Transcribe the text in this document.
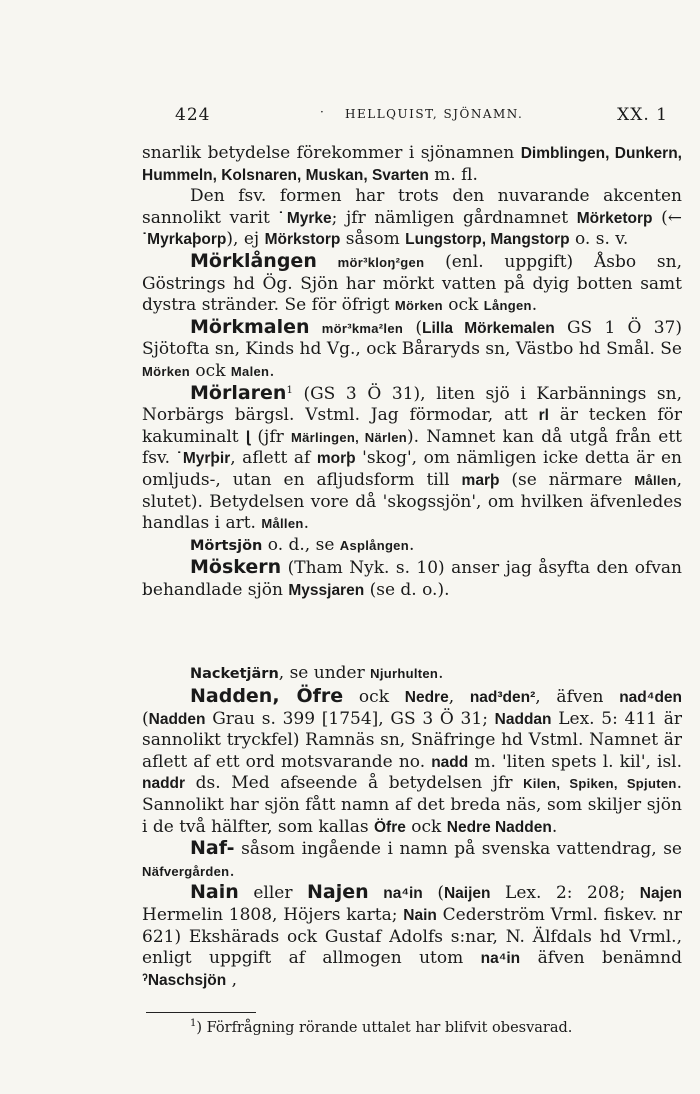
424	· HELLQUIST, SJÖNAMN.	XX. 1

snarlik betydelse förekommer i sjönamnen Dimblingen, Dunkern, Hummeln, Kolsnaren, Muskan, Svarten m. fl.

Den fsv. formen har trots den nuvarande akcenten sannolikt varit ˙Myrke; jfr nämligen gårdnamnet Mörketorp (← ˙Myrkaþorp), ej Mörkstorp såsom Lungstorp, Mangstorp o. s. v.

Mörklången mör³kloŋ²gen (enl. uppgift) Åsbo sn, Göstrings hd Ög. Sjön har mörkt vatten på dyig botten samt dystra stränder. Se för öfrigt Mörken ock Lången.

Mörkmalen mör³kma²len (Lilla Mörkemalen GS 1 Ö 37) Sjötofta sn, Kinds hd Vg., ock Båraryds sn, Västbo hd Smål. Se Mörken ock Malen.

Mörlaren$^1$ (GS 3 Ö 31), liten sjö i Karbännings sn, Norbärgs bärgsl. Vstml. Jag förmodar, att rl är tecken för kakuminalt ɭ (jfr Märlingen, Närlen). Namnet kan då utgå från ett fsv. ˙Myrþir, aflett af morþ 'skog', om nämligen icke detta är en omljuds-, utan en afljudsform till marþ (se närmare Mållen, slutet). Betydelsen vore då 'skogssjön', om hvilken äfvenledes handlas i art. Mållen.

Mörtsjön o. d., se Asplången.

Möskern (Tham Nyk. s. 10) anser jag åsyfta den ofvan behandlade sjön Myssjaren (se d. o.).

Nacketjärn, se under Njurhulten.

Nadden, Öfre ock Nedre, nad³den², äfven nad⁴den (Nadden Grau s. 399 [1754], GS 3 Ö 31; Naddan Lex. 5: 411 är sannolikt tryckfel) Ramnäs sn, Snäfringe hd Vstml. Namnet är aflett af ett ord motsvarande no. nadd m. 'liten spets l. kil', isl. naddr ds. Med afseende å betydelsen jfr Kilen, Spiken, Spjuten. Sannolikt har sjön fått namn af det breda näs, som skiljer sjön i de två hälfter, som kallas Öfre ock Nedre Nadden.

Naf- såsom ingående i namn på svenska vattendrag, se Näfvergården.

Nain eller Najen na⁴in (Naijen Lex. 2: 208; Najen Hermelin 1808, Höjers karta; Nain Cederström Vrml. fiskev. nr 621) Ekshärads ock Gustaf Adolfs s:nar, N. Älfdals hd Vrml., enligt uppgift af allmogen utom na⁴in äfven benämnd ˀNaschsjön ,

$^1$) Förfrågning rörande uttalet har blifvit obesvarad.
